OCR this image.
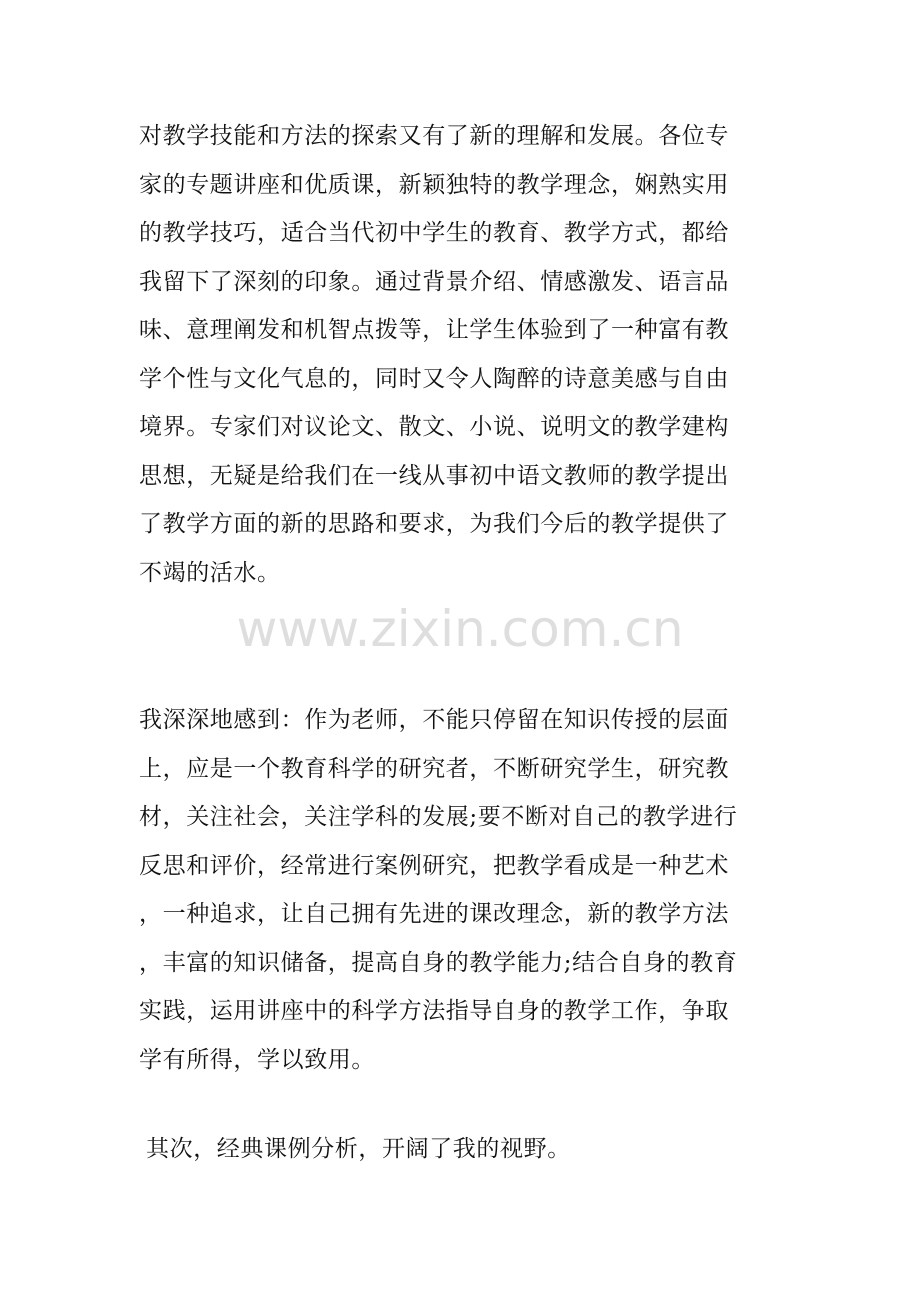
对教学技能和方法的探索又有了新的理解和发展。各位专
家的专题讲座和优质课，新颖独特的教学理念，娴熟实用
的教学技巧，适合当代初中学生的教育、教学方式，都给
我留下了深刻的印象。通过背景介绍、情感激发、语言品
味、意理阐发和机智点拨等，让学生体验到了一种富有教
学个性与文化气息的，同时又令人陶醉的诗意美感与自由
境界。专家们对议论文、散文、小说、说明文的教学建构
思想，无疑是给我们在一线从事初中语文教师的教学提出
了教学方面的新的思路和要求，为我们今后的教学提供了
不竭的活水。

www.zixin.com.cn

我深深地感到：作为老师，不能只停留在知识传授的层面
上，应是一个教育科学的研究者，不断研究学生，研究教
材，关注社会，关注学科的发展;要不断对自己的教学进行
反思和评价，经常进行案例研究，把教学看成是一种艺术
，一种追求，让自己拥有先进的课改理念，新的教学方法
，丰富的知识储备，提高自身的教学能力;结合自身的教育
实践，运用讲座中的科学方法指导自身的教学工作，争取
学有所得，学以致用。

其次，经典课例分析，开阔了我的视野。
